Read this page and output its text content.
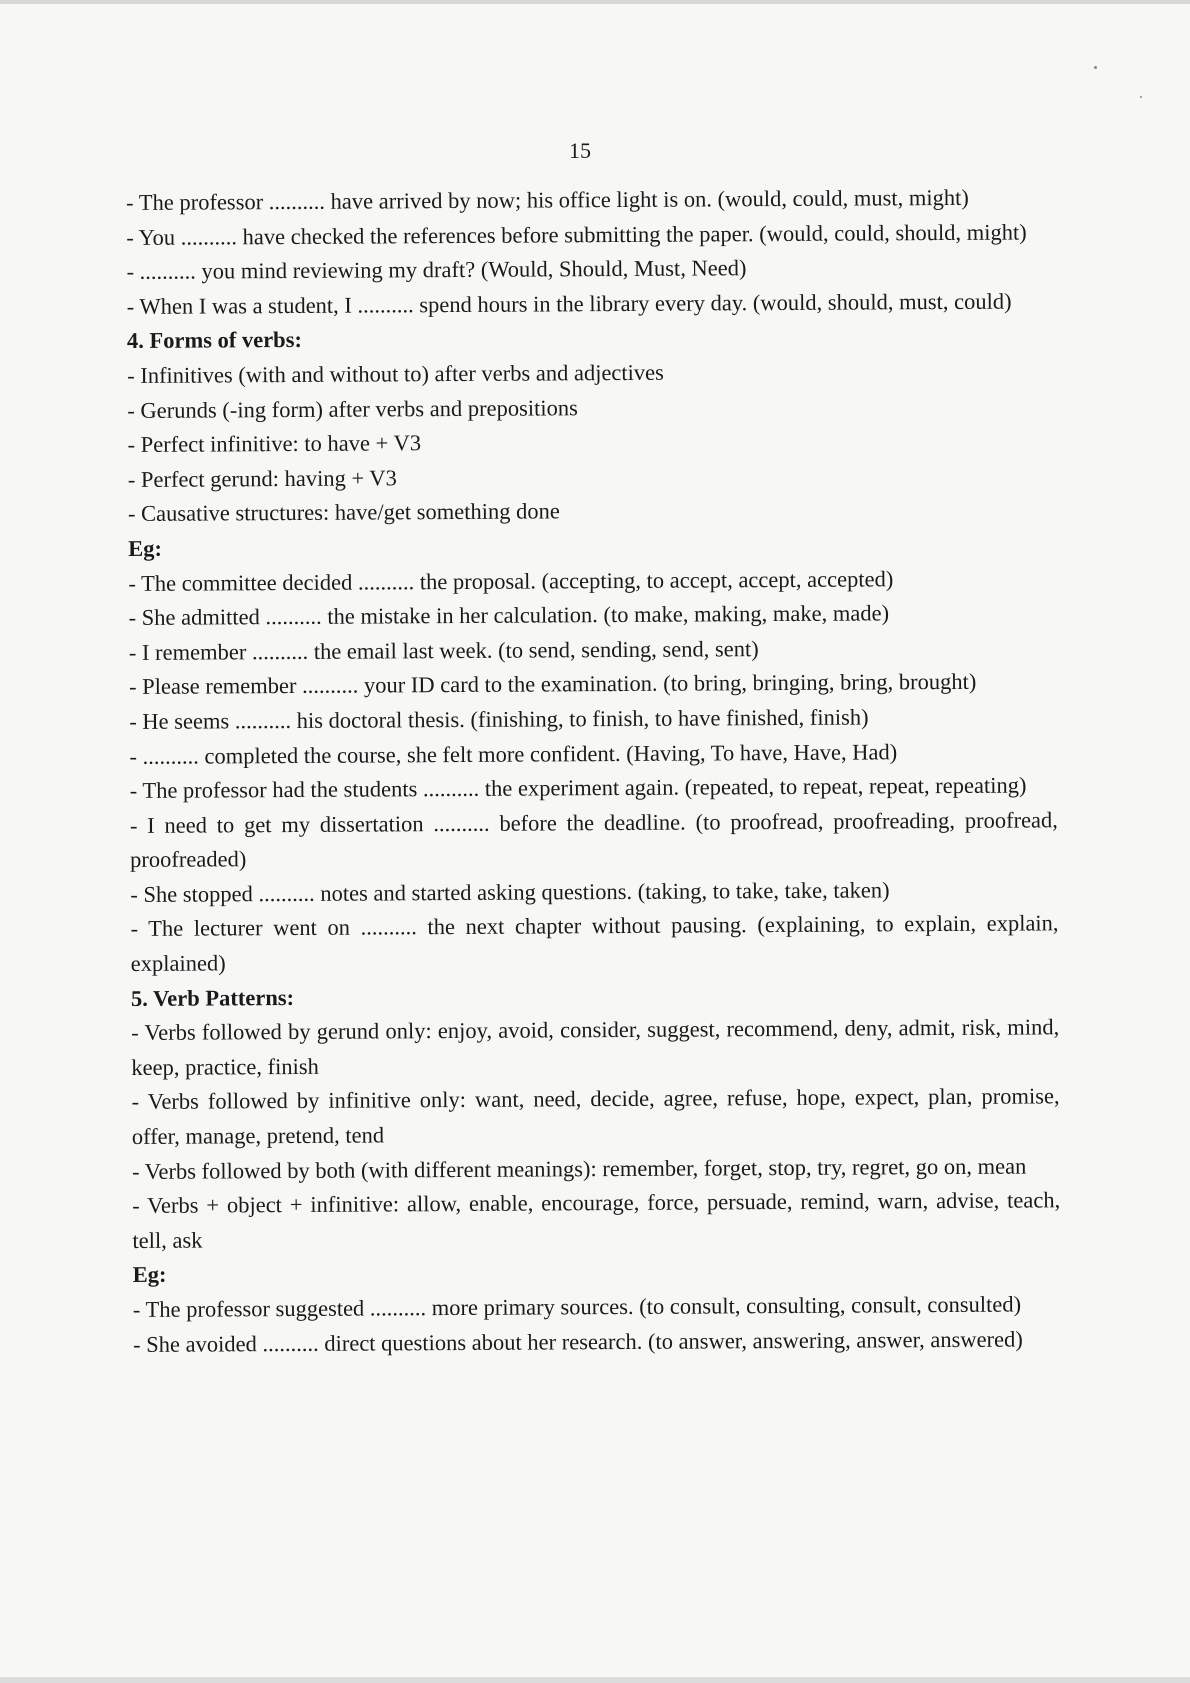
15
- The professor .......... have arrived by now; his office light is on. (would, could, must, might)
- You .......... have checked the references before submitting the paper. (would, could, should, might)
- .......... you mind reviewing my draft? (Would, Should, Must, Need)
- When I was a student, I .......... spend hours in the library every day. (would, should, must, could)
4. Forms of verbs:
- Infinitives (with and without to) after verbs and adjectives
- Gerunds (-ing form) after verbs and prepositions
- Perfect infinitive: to have + V3
- Perfect gerund: having + V3
- Causative structures: have/get something done
Eg:
- The committee decided .......... the proposal. (accepting, to accept, accept, accepted)
- She admitted .......... the mistake in her calculation. (to make, making, make, made)
- I remember .......... the email last week. (to send, sending, send, sent)
- Please remember .......... your ID card to the examination. (to bring, bringing, bring, brought)
- He seems .......... his doctoral thesis. (finishing, to finish, to have finished, finish)
- .......... completed the course, she felt more confident. (Having, To have, Have, Had)
- The professor had the students .......... the experiment again. (repeated, to repeat, repeat, repeating)
- I need to get my dissertation .......... before the deadline. (to proofread, proofreading, proofread, proofreaded)
- She stopped .......... notes and started asking questions. (taking, to take, take, taken)
- The lecturer went on .......... the next chapter without pausing. (explaining, to explain, explain, explained)
5. Verb Patterns:
- Verbs followed by gerund only: enjoy, avoid, consider, suggest, recommend, deny, admit, risk, mind, keep, practice, finish
- Verbs followed by infinitive only: want, need, decide, agree, refuse, hope, expect, plan, promise, offer, manage, pretend, tend
- Verbs followed by both (with different meanings): remember, forget, stop, try, regret, go on, mean
- Verbs + object + infinitive: allow, enable, encourage, force, persuade, remind, warn, advise, teach, tell, ask
Eg:
- The professor suggested .......... more primary sources. (to consult, consulting, consult, consulted)
- She avoided .......... direct questions about her research. (to answer, answering, answer, answered)
